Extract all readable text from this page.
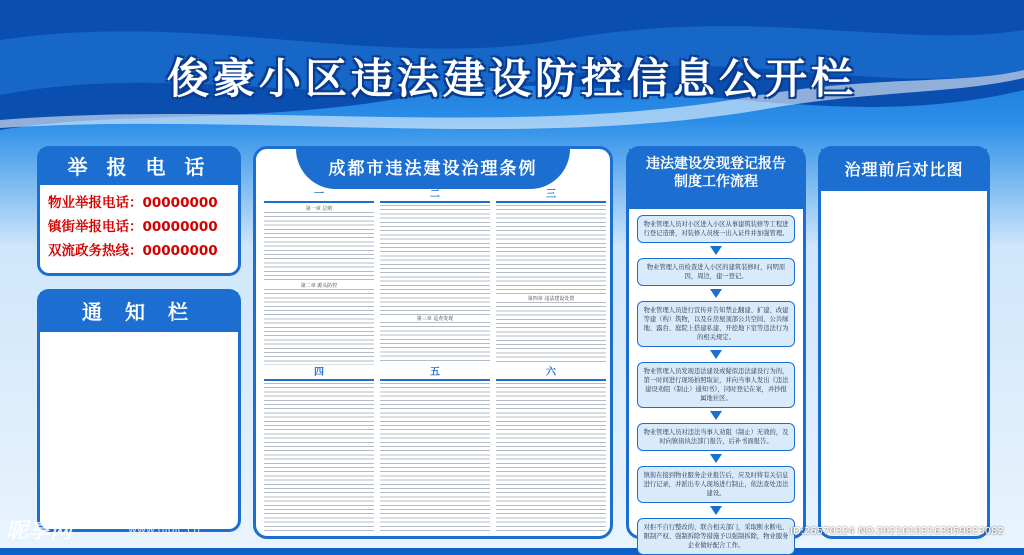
俊豪小区违法建设防控信息公开栏
举 报 电 话
物业举报电话：00000000
镇街举报电话：00000000
双流政务热线：00000000
通 知 栏
成都市违法建设治理条例
一
第一章 总则
第二章 源头防控
二
第三章 巡查发现
三
第四章 违法建设处置
四	五	六
违法建设发现登记报告
制度工作流程
物业管理人员对小区进入小区从事建筑装修等工程进行登记造册，对装修人员统一出入证件并加强管理。
物业管理人员检查进入小区的建筑装修时，问明原因，周边，建一登记。
物业管理人员进行宣传并告知禁止翻建、扩建、改建等建（构）筑物，以及在房屋顶部公共空间、公共绿地、露台、庭院上搭建私建、开挖地下室等违法行为的相关规定。
物业管理人员发现违法建设或疑似违法建设行为的，第一时间进行现场拍照取证，并向当事人发出《违法建设劝阻（制止）通知书》，同时登记在案，并抄报属地社区。
物业管理人员对违法当事人劝阻（制止）无效的，及时向镇街执法部门报告，后补书面报告。
镇街在接到物业服务企业报告后，应及时将有关信息进行记录，并派出专人现场进行制止，依法查处违法建设。
对拒不自行整改的，联合相关部门，采取断水断电、限制产权、强制拆除等措施予以强制拆除，物业服务企业做好配合工作。
治理前后对比图
昵享网	www.nipic.cn	ID:26570324 NO:20210103163959823082
